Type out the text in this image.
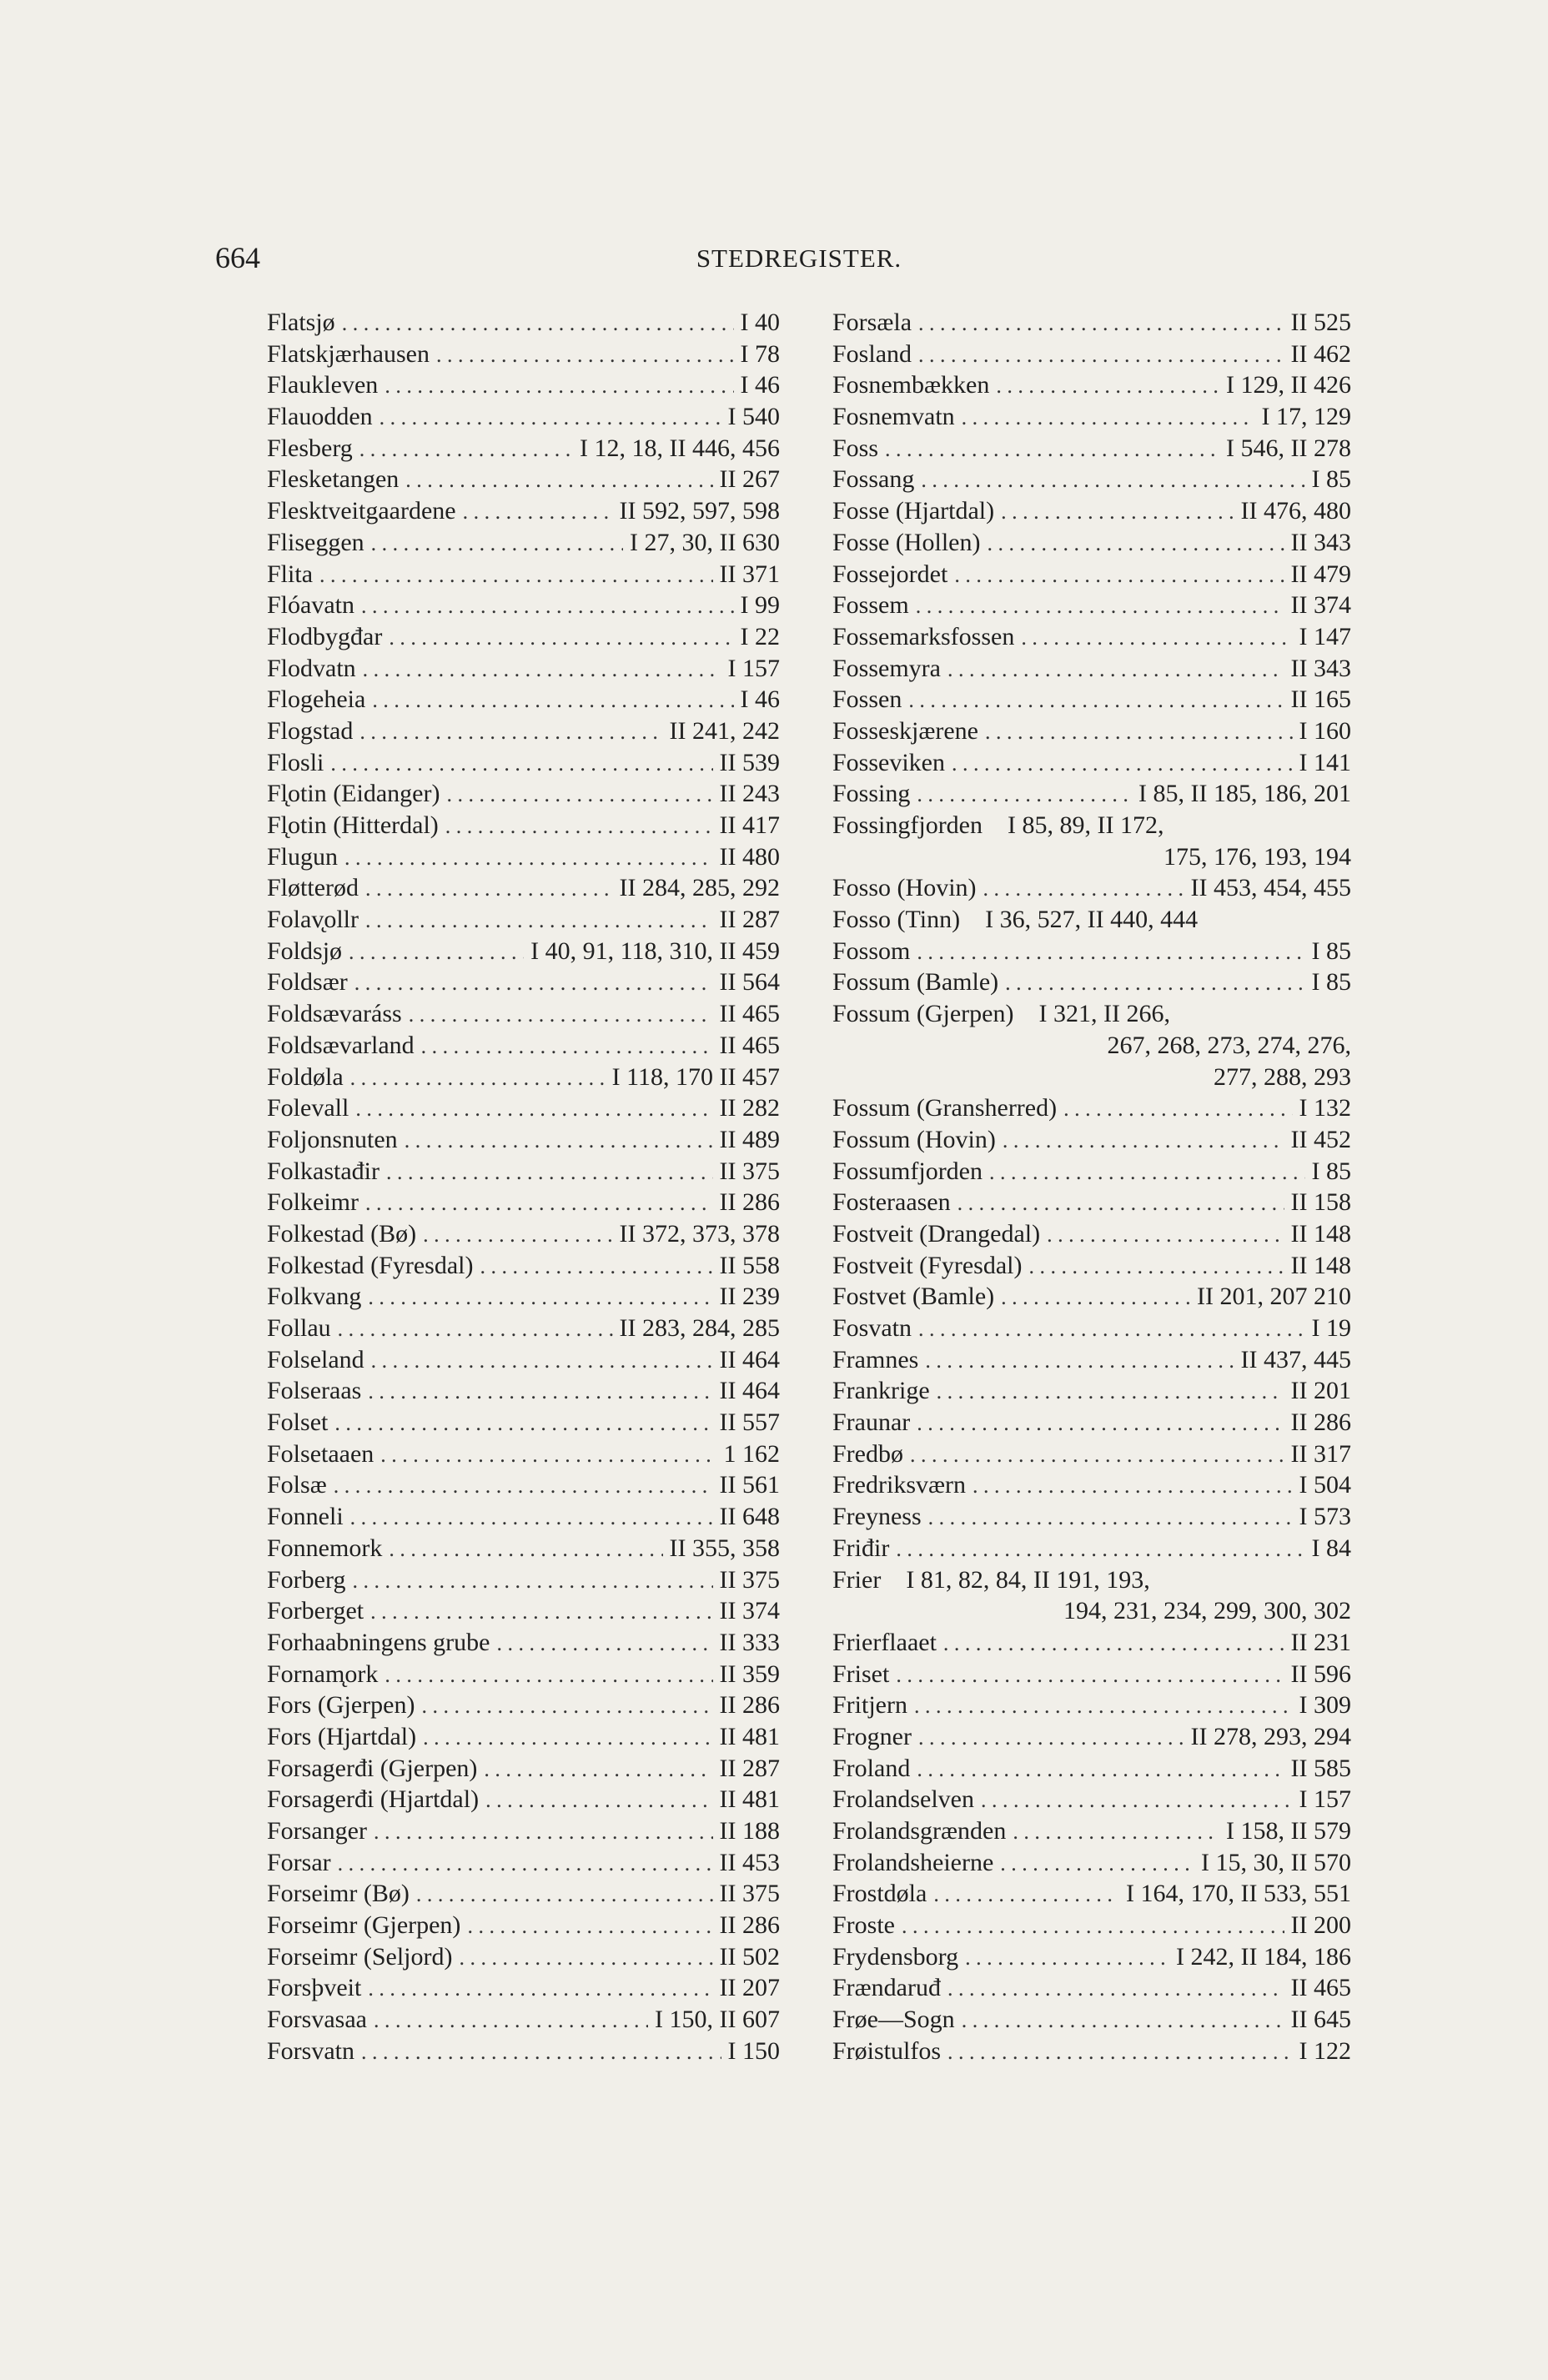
664	STEDREGISTER.
Flatsjø . . .	I 40
Flatskjærhausen . . .	I 78
Flaukleven . . .	I 46
Flauodden . . .	I 540
Flesberg . . .	I 12, 18, II 446, 456
Flesketangen . . .	II 267
Flesktveitgaardene . . .	II 592, 597, 598
Fliseggen . . .	I 27, 30, II 630
Flita . . .	II 371
Flóavatn . . .	I 99
Flodbygđar . . .	I 22
Flodvatn . . .	I 157
Flogeheia . . .	I 46
Flogstad . . .	II 241, 242
Flosli . . .	II 539
Fl̨otin (Eidanger) . . .	II 243
Fl̨otin (Hitterdal) . . .	II 417
Flugun . . .	II 480
Fløtterød . . .	II 284, 285, 292
Folav̨ollr . . .	II 287
Foldsjø . . .	I 40, 91, 118, 310, II 459
Foldsær . . .	II 564
Foldsævaráss . . .	II 465
Foldsævarland . . .	II 465
Foldøla . . .	I 118, 170 II 457
Folevall . . .	II 282
Foljonsnuten . . .	II 489
Folkastađir . . .	II 375
Folkeimr . . .	II 286
Folkestad (Bø) . . .	II 372, 373, 378
Folkestad (Fyresdal) . . .	II 558
Folkvang . . .	II 239
Follau . . .	II 283, 284, 285
Folseland . . .	II 464
Folseraas . . .	II 464
Folset . . .	II 557
Folsetaaen . . .	1 162
Folsæ . . .	II 561
Fonneli . . .	II 648
Fonnemork . . .	II 355, 358
Forberg . . .	II 375
Forberget . . .	II 374
Forhaabningens grube . . .	II 333
Fornam̨ork . . .	II 359
Fors (Gjerpen) . . .	II 286
Fors (Hjartdal) . . .	II 481
Forsagerđi (Gjerpen) . . .	II 287
Forsagerđi (Hjartdal) . . .	II 481
Forsanger . . .	II 188
Forsar . . .	II 453
Forseimr (Bø) . . .	II 375
Forseimr (Gjerpen) . . .	II 286
Forseimr (Seljord) . . .	II 502
Forsþveit . . .	II 207
Forsvasaa . . .	I 150, II 607
Forsvatn . . .	I 150
Forsæla . . .	II 525
Fosland . . .	II 462
Fosnembækken . . .	I 129, II 426
Fosnemvatn . . .	I 17, 129
Foss . . .	I 546, II 278
Fossang . . .	I 85
Fosse (Hjartdal) . . .	II 476, 480
Fosse (Hollen) . . .	II 343
Fossejordet . . .	II 479
Fossem . . .	II 374
Fossemarksfossen . . .	I 147
Fossemyra . . .	II 343
Fossen . . .	II 165
Fosseskjærene . . .	I 160
Fosseviken . . .	I 141
Fossing . . .	I 85, II 185, 186, 201
Fossingfjorden I 85, 89, II 172,
175, 176, 193, 194
Fosso (Hovin) . . .	II 453, 454, 455
Fosso (Tinn) I 36, 527, II 440, 444
Fossom . . .	I 85
Fossum (Bamle) . . .	I 85
Fossum (Gjerpen) I 321, II 266,
267, 268, 273, 274, 276,
277, 288, 293
Fossum (Gransherred) . . .	I 132
Fossum (Hovin) . . .	II 452
Fossumfjorden . . .	I 85
Fosteraasen . . .	II 158
Fostveit (Drangedal) . . .	II 148
Fostveit (Fyresdal) . . .	II 148
Fostvet (Bamle) . . .	II 201, 207 210
Fosvatn . . .	I 19
Framnes . . .	II 437, 445
Frankrige . . .	II 201
Fraunar . . .	II 286
Fredbø . . .	II 317
Fredriksværn . . .	I 504
Freyness . . .	I 573
Friđir . . .	I 84
Frier I 81, 82, 84, II 191, 193,
194, 231, 234, 299, 300, 302
Frierflaaet . . .	II 231
Friset . . .	II 596
Fritjern . . .	I 309
Frogner . . .	II 278, 293, 294
Froland . . .	II 585
Frolandselven . . .	I 157
Frolandsgrænden . . .	I 158, II 579
Frolandsheierne . . .	I 15, 30, II 570
Frostdøla . . .	I 164, 170, II 533, 551
Froste . . .	II 200
Frydensborg . . .	I 242, II 184, 186
Frændaruđ . . .	II 465
Frøe—Sogn . . .	II 645
Frøistulfos . . .	I 122
